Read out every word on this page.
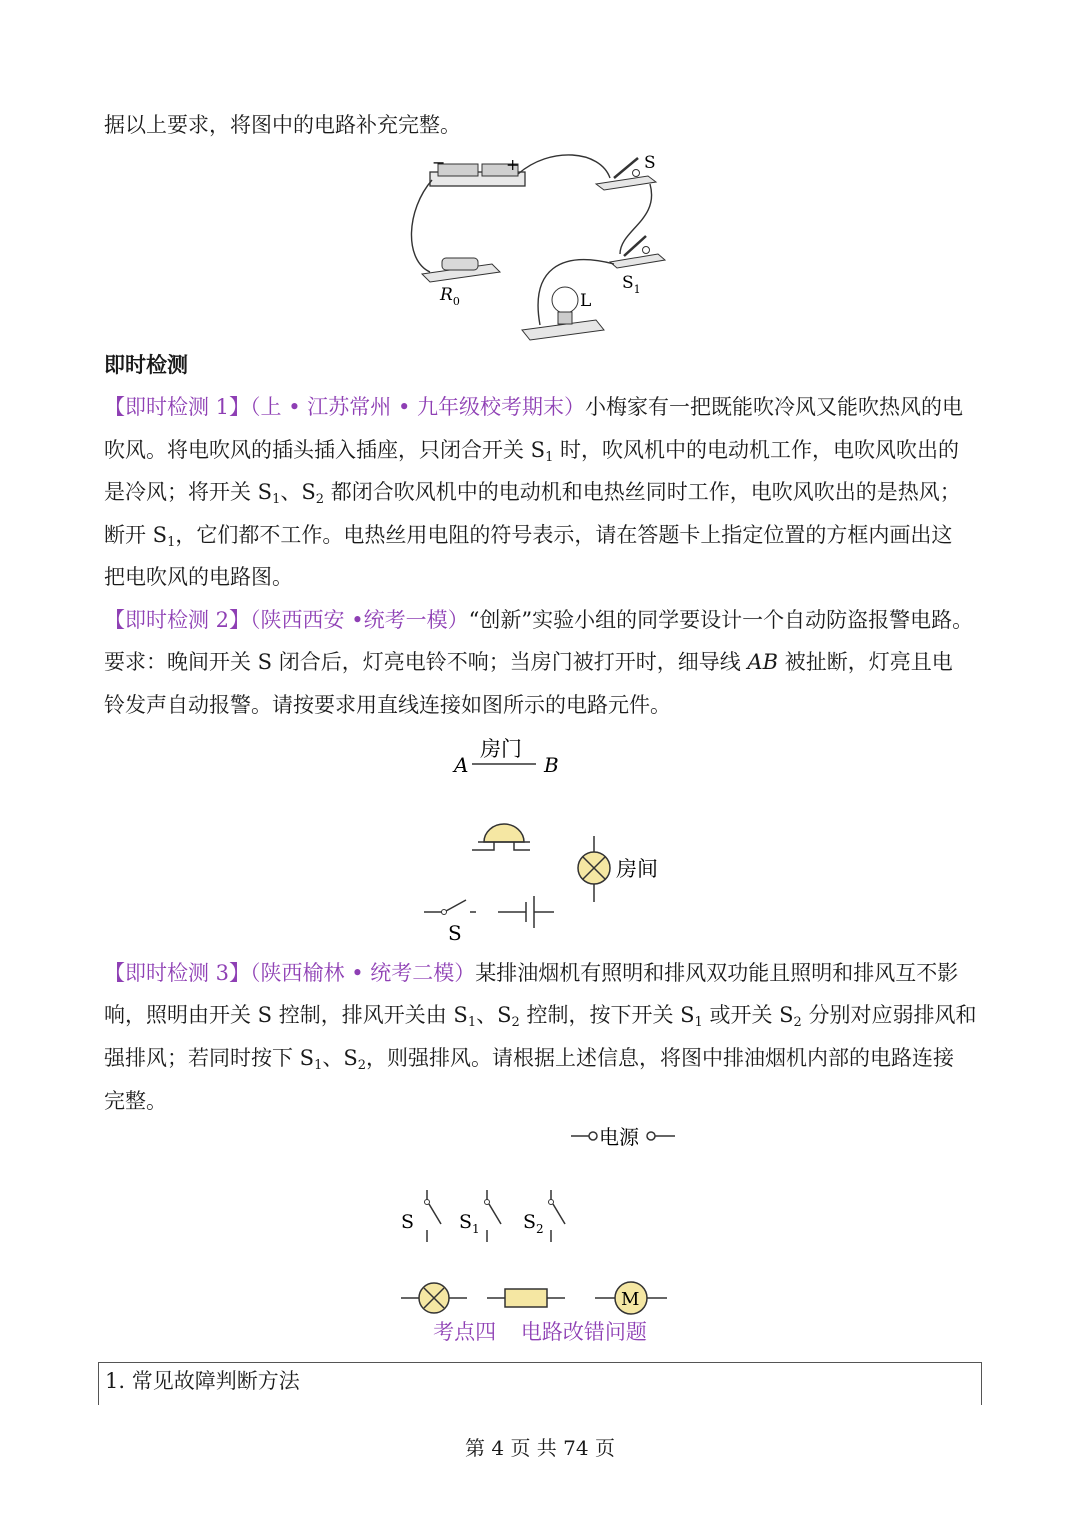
据以上要求，将图中的电路补充完整。
−	+	S
$S_1$
$R_0$	L
即时检测
【即时检测 1】（上 • 江苏常州 • 九年级校考期末）小梅家有一把既能吹冷风又能吹热风的电
吹风。将电吹风的插头插入插座，只闭合开关 $S_1$ 时，吹风机中的电动机工作，电吹风吹出的
是冷风；将开关 $S_1$、$S_2$ 都闭合吹风机中的电动机和电热丝同时工作，电吹风吹出的是热风；
断开 $S_1$，它们都不工作。电热丝用电阻的符号表示，请在答题卡上指定位置的方框内画出这
把电吹风的电路图。
【即时检测 2】（陕西西安 •统考一模）“创新”实验小组的同学要设计一个自动防盗报警电路。
要求：晚间开关 S 闭合后，灯亮电铃不响；当房门被打开时，细导线 AB 被扯断，灯亮且电
铃发声自动报警。请按要求用直线连接如图所示的电路元件。
房门
A	B
房间
S
【即时检测 3】（陕西榆林 • 统考二模）某排油烟机有照明和排风双功能且照明和排风互不影
响，照明由开关 S 控制，排风开关由 $S_1$、$S_2$ 控制，按下开关 $S_1$ 或开关 $S_2$ 分别对应弱排风和
强排风；若同时按下 $S_1$、$S_2$，则强排风。请根据上述信息，将图中排油烟机内部的电路连接
完整。
电源
S $S_1$ $S_2$
M
考点四 电路改错问题
1. 常见故障判断方法
第 4 页 共 74 页
